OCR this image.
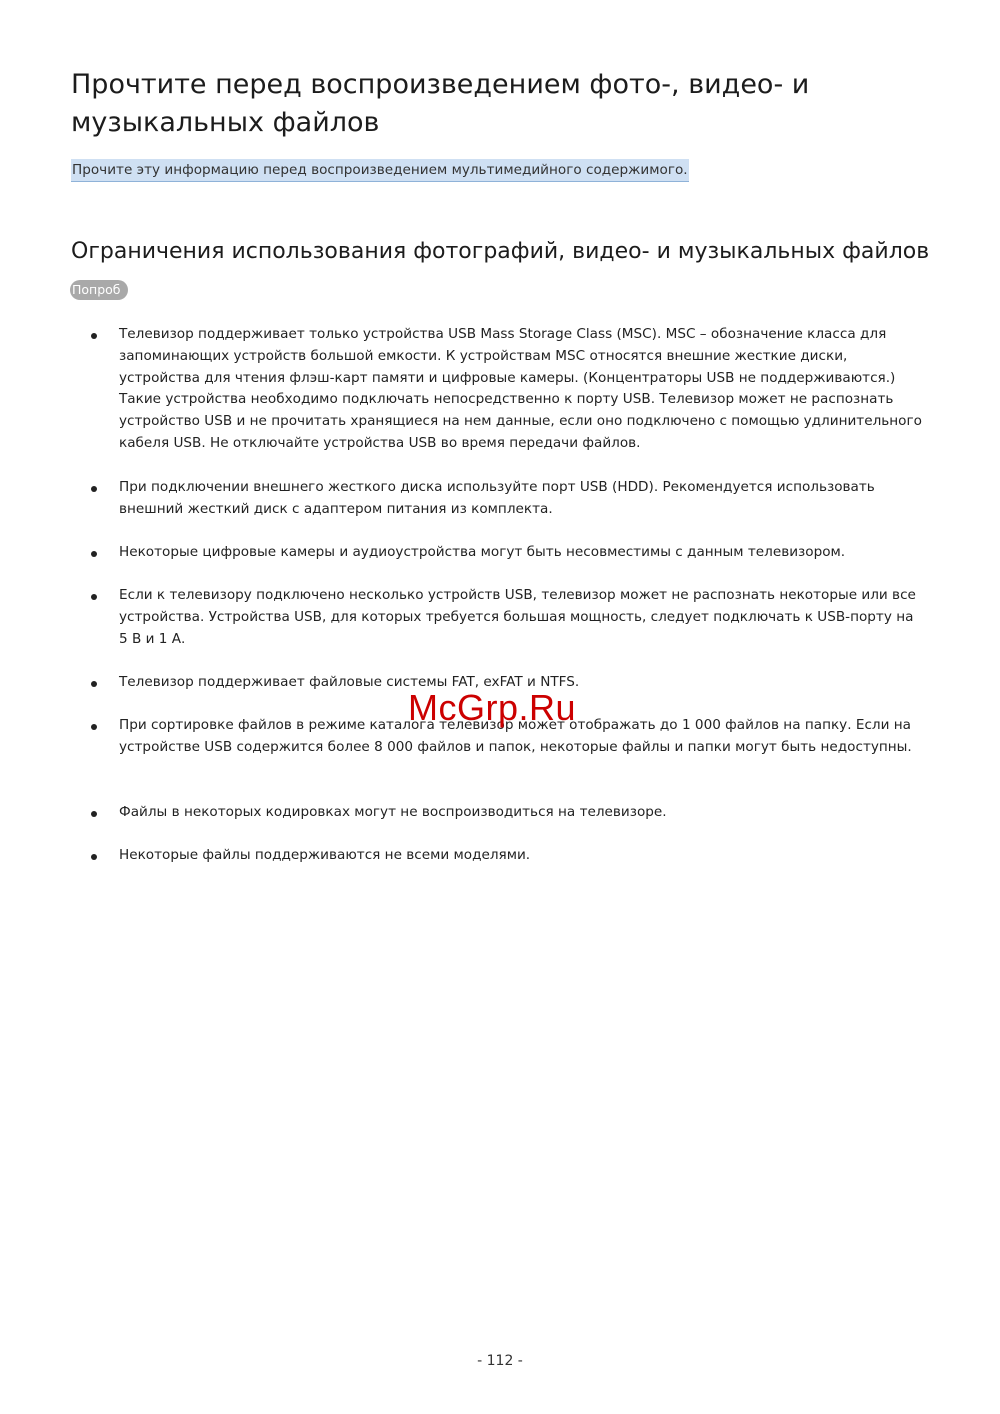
Прочтите перед воспроизведением фото-, видео- и музыкальных файлов
Прочите эту информацию перед воспроизведением мультимедийного содержимого.
Ограничения использования фотографий, видео- и музыкальных файлов
Попроб

Телевизор поддерживает только устройства USB Mass Storage Class (MSC). MSC – обозначение класса для запоминающих устройств большой емкости. К устройствам MSC относятся внешние жесткие диски, устройства для чтения флэш-карт памяти и цифровые камеры. (Концентраторы USB не поддерживаются.) Такие устройства необходимо подключать непосредственно к порту USB. Телевизор может не распознать устройство USB и не прочитать хранящиеся на нем данные, если оно подключено с помощью удлинительного кабеля USB. Не отключайте устройства USB во время передачи файлов.

При подключении внешнего жесткого диска используйте порт USB (HDD). Рекомендуется использовать внешний жесткий диск с адаптером питания из комплекта.

Некоторые цифровые камеры и аудиоустройства могут быть несовместимы с данным телевизором.

Если к телевизору подключено несколько устройств USB, телевизор может не распознать некоторые или все устройства. Устройства USB, для которых требуется большая мощность, следует подключать к USB-порту на 5 В и 1 А.

Телевизор поддерживает файловые системы FAT, exFAT и NTFS.

При сортировке файлов в режиме каталога телевизор может отображать до 1 000 файлов на папку. Если на устройстве USB содержится более 8 000 файлов и папок, некоторые файлы и папки могут быть недоступны.

Файлы в некоторых кодировках могут не воспроизводиться на телевизоре.

Некоторые файлы поддерживаются не всеми моделями.

McGrp.Ru
- 112 -
